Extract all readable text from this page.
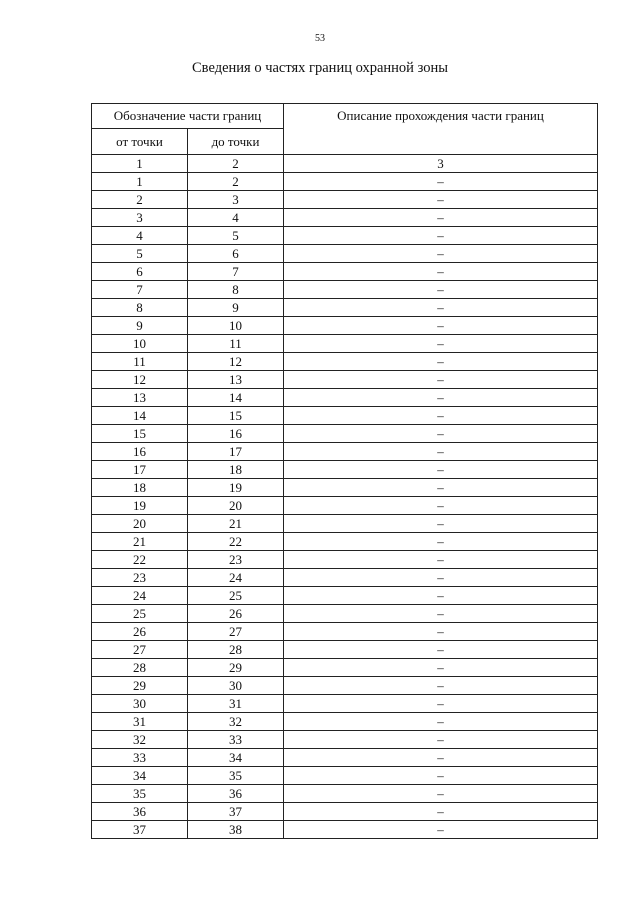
53
Сведения о частях границ охранной зоны
Обозначение части границ		Описание прохождения части границ
от точки	до точки	
1	2	3
1	2	–
2	3	–
3	4	–
4	5	–
5	6	–
6	7	–
7	8	–
8	9	–
9	10	–
10	11	–
11	12	–
12	13	–
13	14	–
14	15	–
15	16	–
16	17	–
17	18	–
18	19	–
19	20	–
20	21	–
21	22	–
22	23	–
23	24	–
24	25	–
25	26	–
26	27	–
27	28	–
28	29	–
29	30	–
30	31	–
31	32	–
32	33	–
33	34	–
34	35	–
35	36	–
36	37	–
37	38	–
